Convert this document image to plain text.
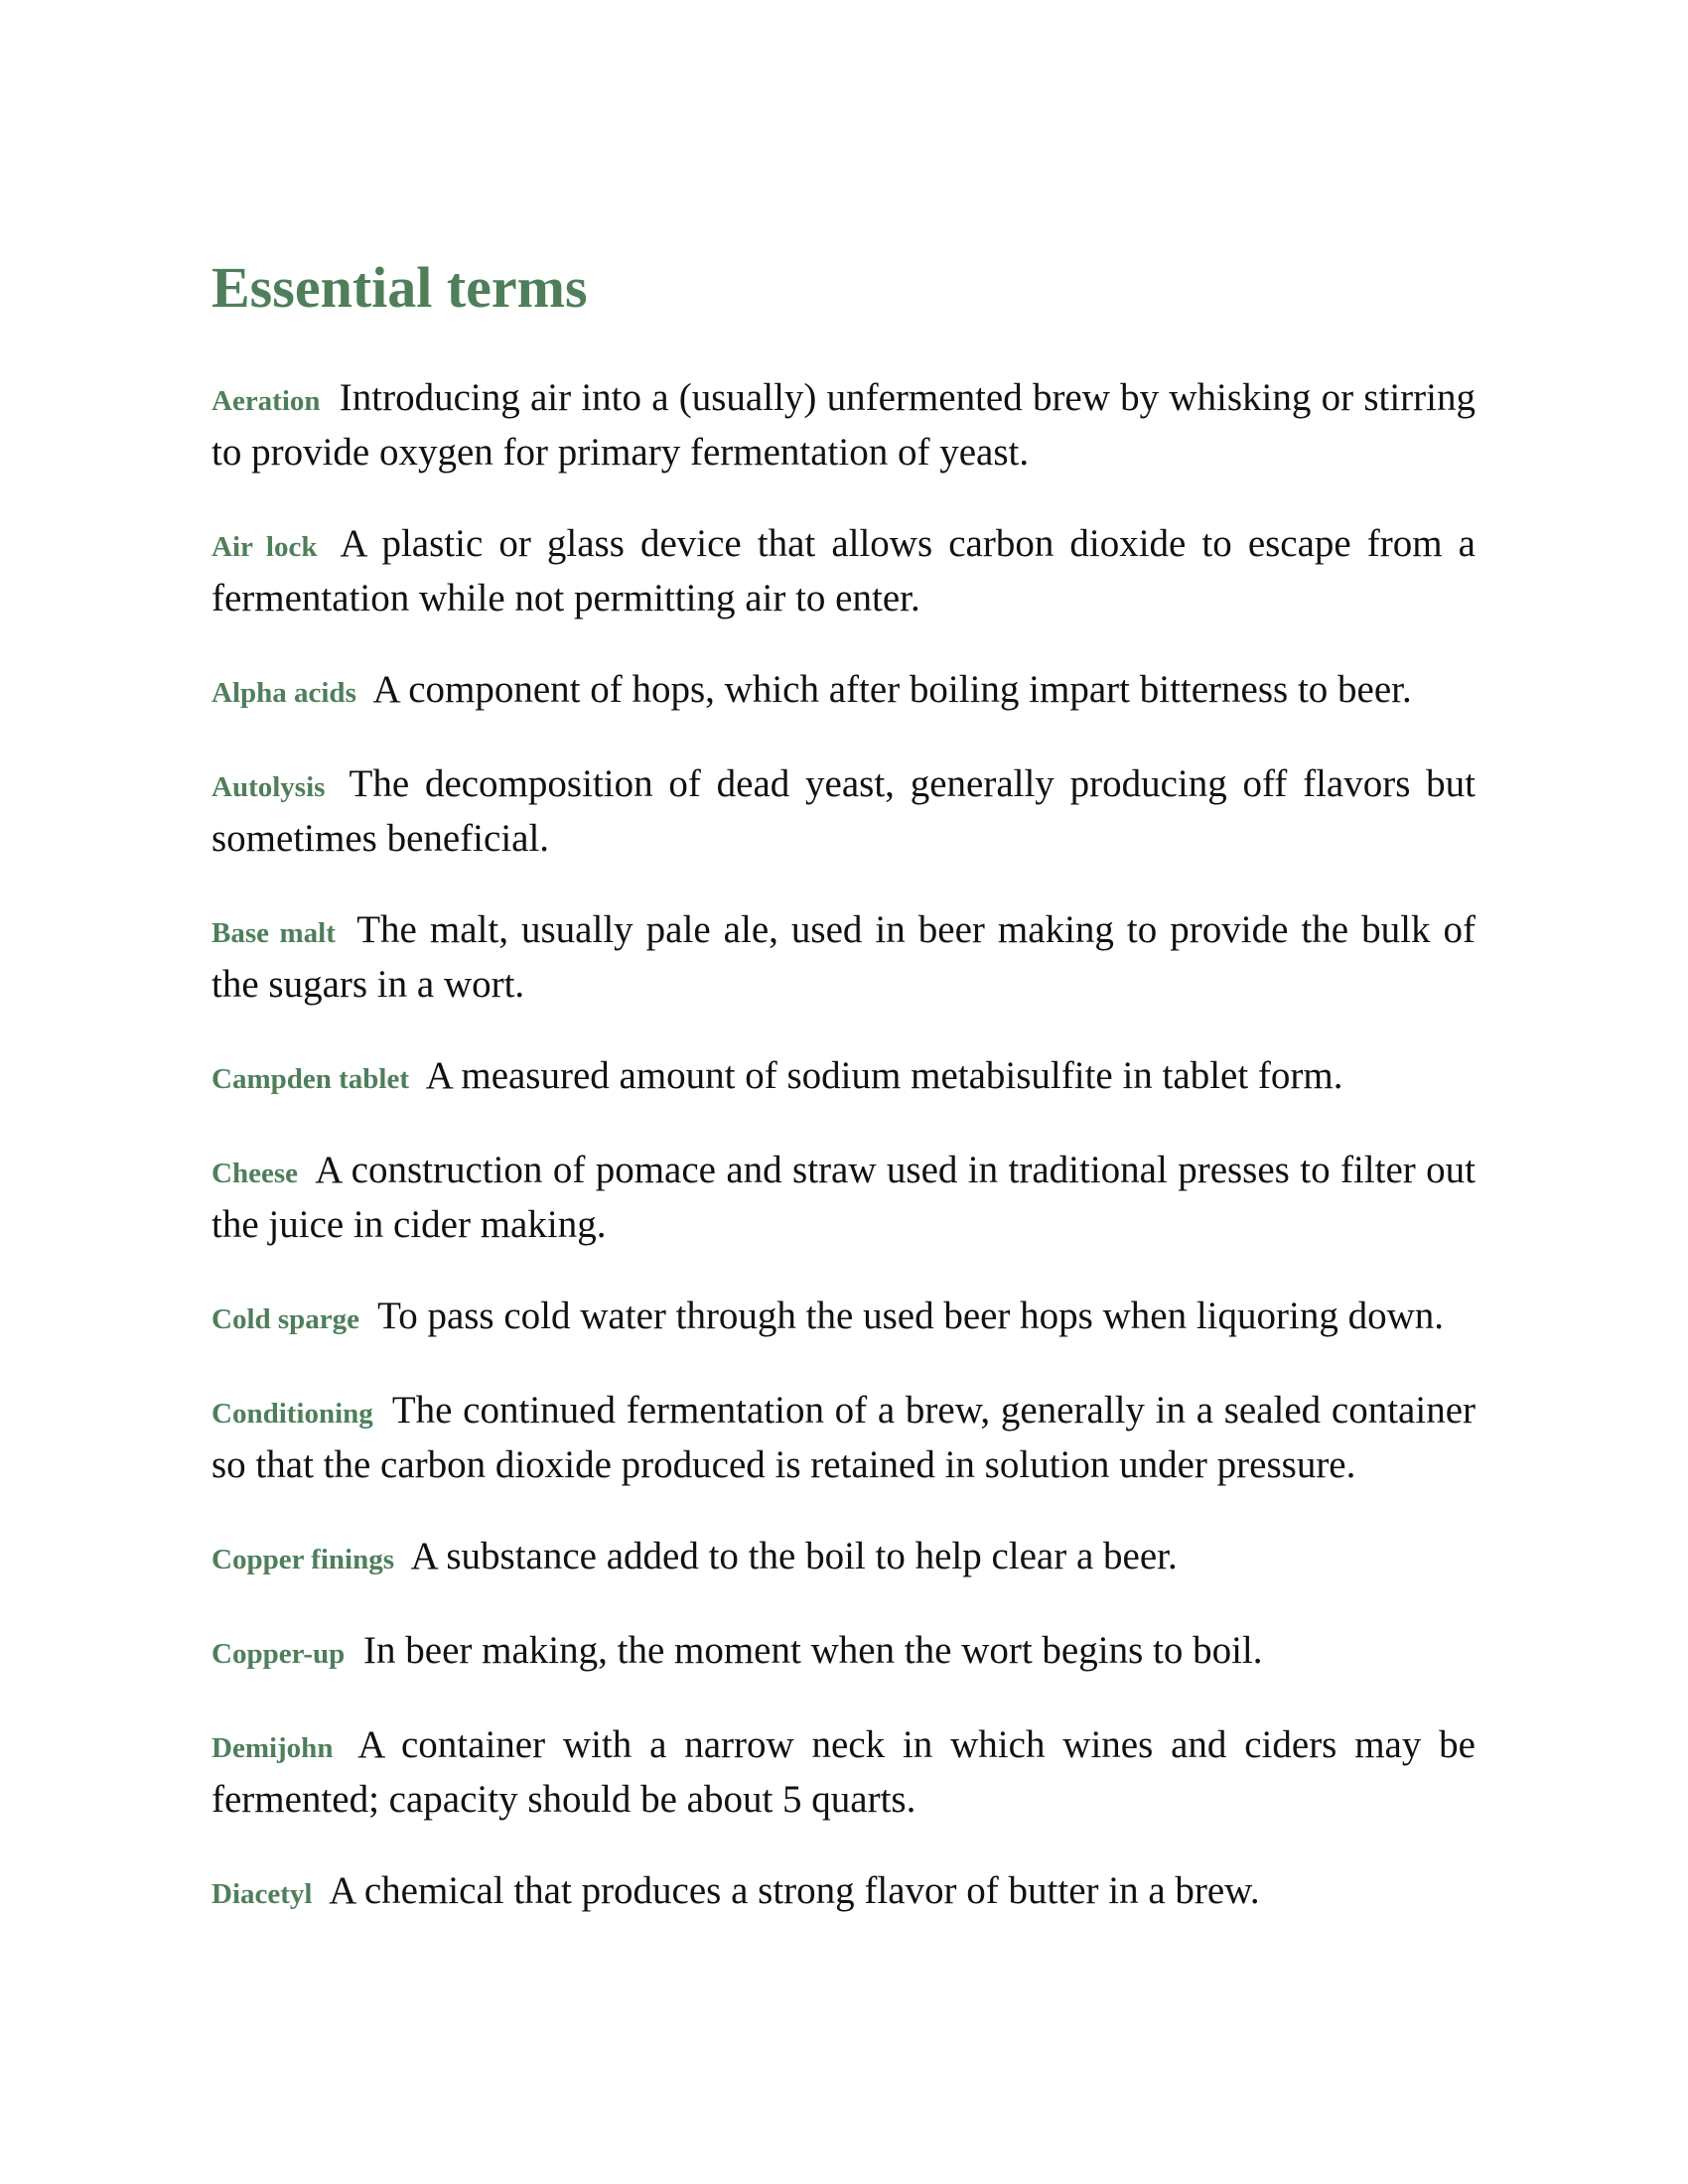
Essential terms

Aeration Introducing air into a (usually) unfermented brew by whisking or stirring to provide oxygen for primary fermentation of yeast.

Air lock A plastic or glass device that allows carbon dioxide to escape from a fermentation while not permitting air to enter.

Alpha acids A component of hops, which after boiling impart bitterness to beer.

Autolysis The decomposition of dead yeast, generally producing off flavors but sometimes beneficial.

Base malt The malt, usually pale ale, used in beer making to provide the bulk of the sugars in a wort.

Campden tablet A measured amount of sodium metabisulfite in tablet form.

Cheese A construction of pomace and straw used in traditional presses to filter out the juice in cider making.

Cold sparge To pass cold water through the used beer hops when liquoring down.

Conditioning The continued fermentation of a brew, generally in a sealed container so that the carbon dioxide produced is retained in solution under pressure.

Copper finings A substance added to the boil to help clear a beer.

Copper-up In beer making, the moment when the wort begins to boil.

Demijohn A container with a narrow neck in which wines and ciders may be fermented; capacity should be about 5 quarts.

Diacetyl A chemical that produces a strong flavor of butter in a brew.
